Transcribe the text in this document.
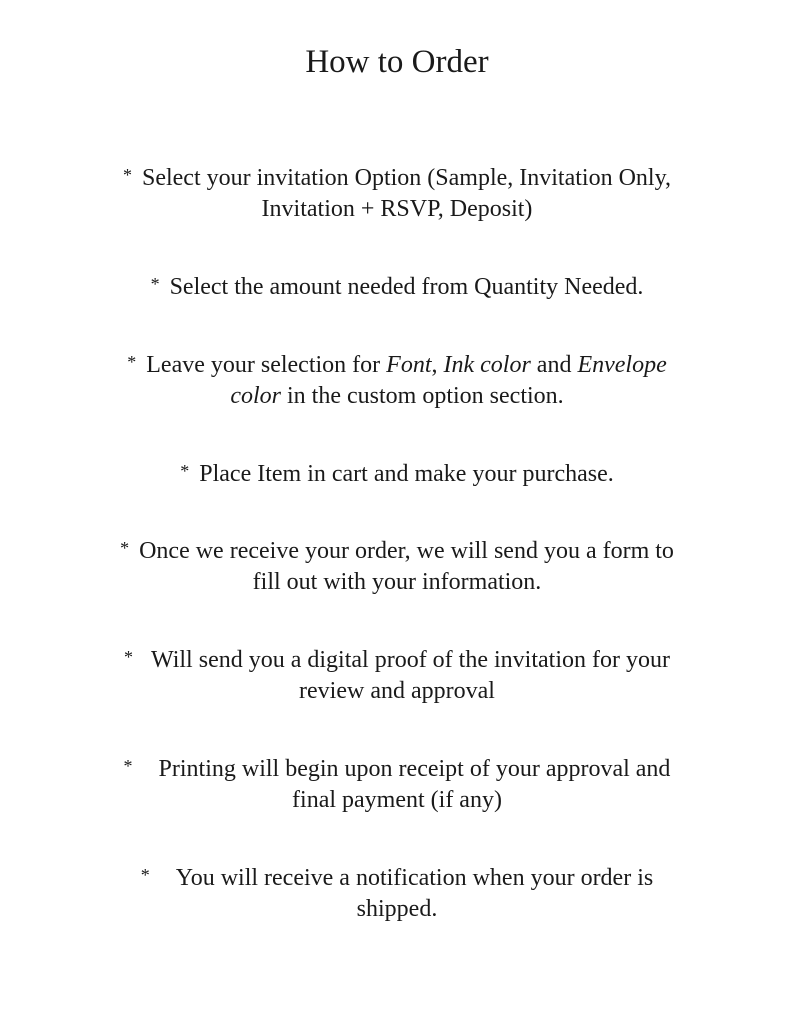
How to Order
* Select your invitation Option (Sample, Invitation Only,
Invitation + RSVP, Deposit)
* Select the amount needed from Quantity Needed.
* Leave your selection for Font, Ink color and Envelope
color in the custom option section.
* Place Item in cart and make your purchase.
* Once we receive your order, we will send you a form to
fill out with your information.
* Will send you a digital proof of the invitation for your
review and approval
* Printing will begin upon receipt of your approval and
final payment (if any)
* You will receive a notification when your order is
shipped.
